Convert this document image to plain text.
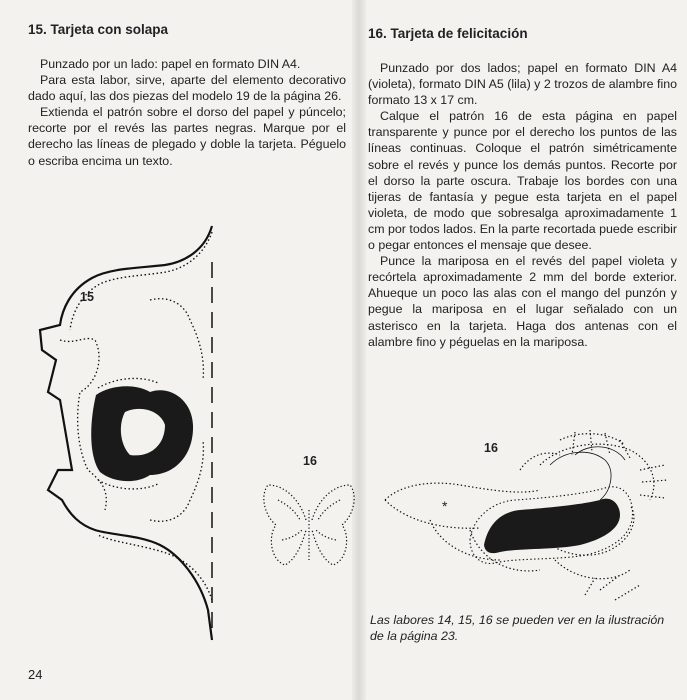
15. Tarjeta con solapa

Punzado por un lado: papel en formato DIN A4.

Para esta labor, sirve, aparte del elemento decorativo dado aquí, las dos piezas del modelo 19 de la página 26.

Extienda el patrón sobre el dorso del papel y púncelo; recorte por el revés las partes negras. Marque por el derecho las líneas de plegado y doble la tarjeta. Péguelo o escriba encima un texto.

15
16
16. Tarjeta de felicitación

Punzado por dos lados; papel en formato DIN A4 (violeta), formato DIN A5 (lila) y 2 trozos de alambre fino formato 13 x 17 cm.

Calque el patrón 16 de esta página en papel transparente y punce por el derecho los puntos de las líneas continuas. Coloque el patrón simétricamente sobre el revés y punce los demás puntos. Recorte por el dorso la parte oscura. Trabaje los bordes con una tijeras de fantasía y pegue esta tarjeta en el papel violeta, de modo que sobresalga aproximadamente 1 cm por todos lados. En la parte recortada puede escribir o pegar entonces el mensaje que desee.

Punce la mariposa en el revés del papel violeta y recórtela aproximadamente 2 mm del borde exterior. Ahueque un poco las alas con el mango del punzón y pegue la mariposa en el lugar señalado con un asterisco en la tarjeta. Haga dos antenas con el alambre fino y péguelas en la mariposa.

16
*
Las labores 14, 15, 16 se pueden ver en la ilustración de la página 23.
24
